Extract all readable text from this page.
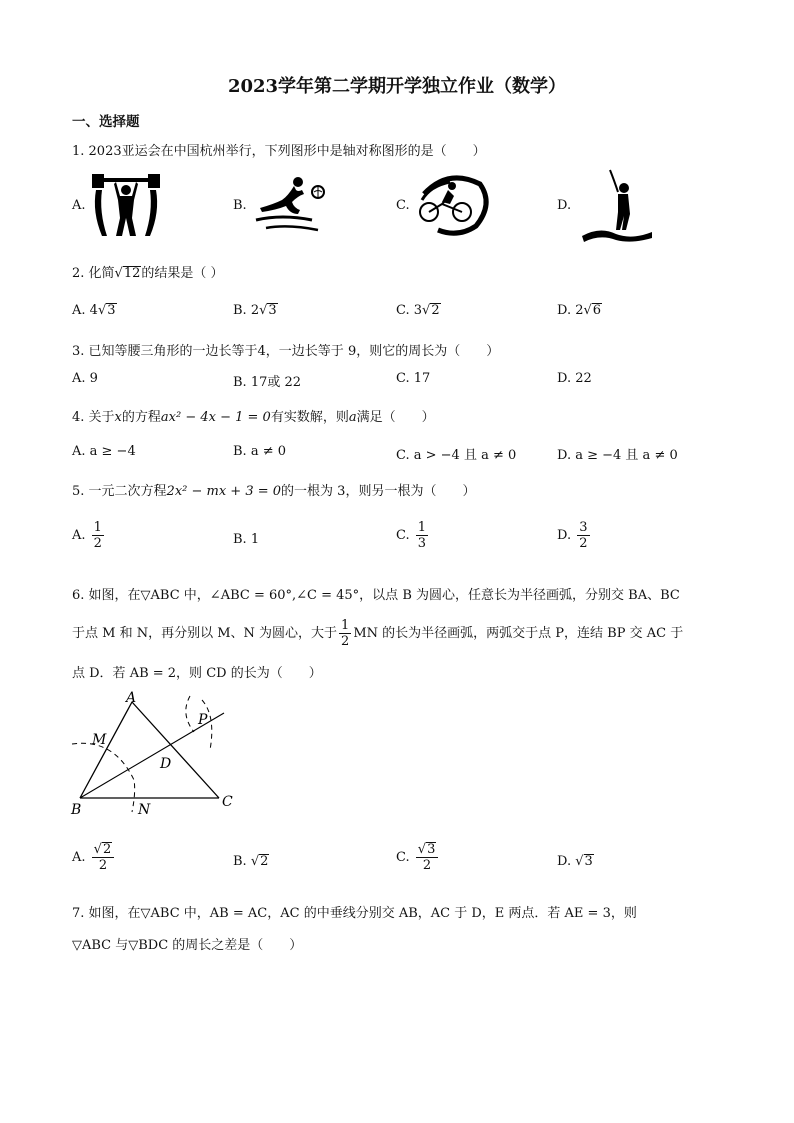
2023学年第二学期开学独立作业（数学）
一、选择题
1. 2023亚运会在中国杭州举行，下列图形中是轴对称图形的是（　　）
A.	B.	C.	D.
2. 化简√12的结果是（ ）
A. 4√3	B. 2√3	C. 3√2	D. 2√6
3. 已知等腰三角形的一边长等于4，一边长等于 9，则它的周长为（　　）
A. 9	B. 17或 22	C. 17	D. 22
4. 关于x的方程ax² − 4x − 1 = 0有实数解，则a满足（　　）
A. a ≥ −4	B. a ≠ 0	C. a > −4 且 a ≠ 0	D. a ≥ −4 且 a ≠ 0
5. 一元二次方程2x² − mx + 3 = 0的一根为 3，则另一根为（　　）
A. $\frac{1}{2}$	B. 1	C. $\frac{1}{3}$	D. $\frac{3}{2}$
6. 如图，在▽ABC 中，∠ABC = 60°,∠C = 45°，以点 B 为圆心，任意长为半径画弧，分别交 BA、BC
于点 M 和 N，再分别以 M、N 为圆心，大于 $\frac{1}{2}$ MN 的长为半径画弧，两弧交于点 P，连结 BP 交 AC 于
点 D．若 AB = 2，则 CD 的长为（　　）
A
B	C
D
M
N
P
A. $\frac{√2}{2}$	B. √2	C. $\frac{√3}{2}$	D. √3
7. 如图，在▽ABC 中，AB = AC，AC 的中垂线分别交 AB，AC 于 D，E 两点．若 AE = 3，则
▽ABC 与▽BDC 的周长之差是（　　）
